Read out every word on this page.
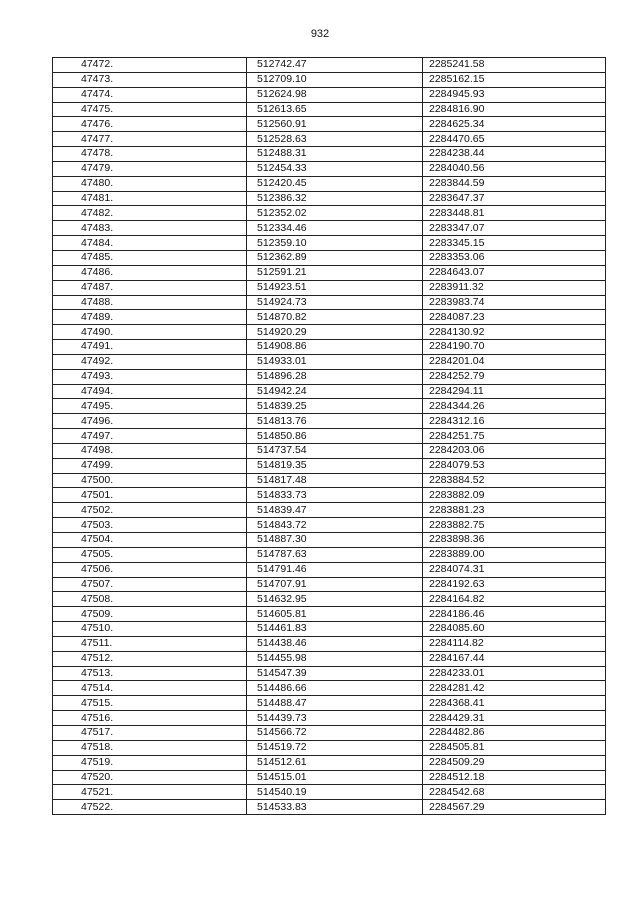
932
47472.	512742.47	2285241.58
47473.	512709.10	2285162.15
47474.	512624.98	2284945.93
47475.	512613.65	2284816.90
47476.	512560.91	2284625.34
47477.	512528.63	2284470.65
47478.	512488.31	2284238.44
47479.	512454.33	2284040.56
47480.	512420.45	2283844.59
47481.	512386.32	2283647.37
47482.	512352.02	2283448.81
47483.	512334.46	2283347.07
47484.	512359.10	2283345.15
47485.	512362.89	2283353.06
47486.	512591.21	2284643.07
47487.	514923.51	2283911.32
47488.	514924.73	2283983.74
47489.	514870.82	2284087.23
47490.	514920.29	2284130.92
47491.	514908.86	2284190.70
47492.	514933.01	2284201.04
47493.	514896.28	2284252.79
47494.	514942.24	2284294.11
47495.	514839.25	2284344.26
47496.	514813.76	2284312.16
47497.	514850.86	2284251.75
47498.	514737.54	2284203.06
47499.	514819.35	2284079.53
47500.	514817.48	2283884.52
47501.	514833.73	2283882.09
47502.	514839.47	2283881.23
47503.	514843.72	2283882.75
47504.	514887.30	2283898.36
47505.	514787.63	2283889.00
47506.	514791.46	2284074.31
47507.	514707.91	2284192.63
47508.	514632.95	2284164.82
47509.	514605.81	2284186.46
47510.	514461.83	2284085.60
47511.	514438.46	2284114.82
47512.	514455.98	2284167.44
47513.	514547.39	2284233.01
47514.	514486.66	2284281.42
47515.	514488.47	2284368.41
47516.	514439.73	2284429.31
47517.	514566.72	2284482.86
47518.	514519.72	2284505.81
47519.	514512.61	2284509.29
47520.	514515.01	2284512.18
47521.	514540.19	2284542.68
47522.	514533.83	2284567.29
